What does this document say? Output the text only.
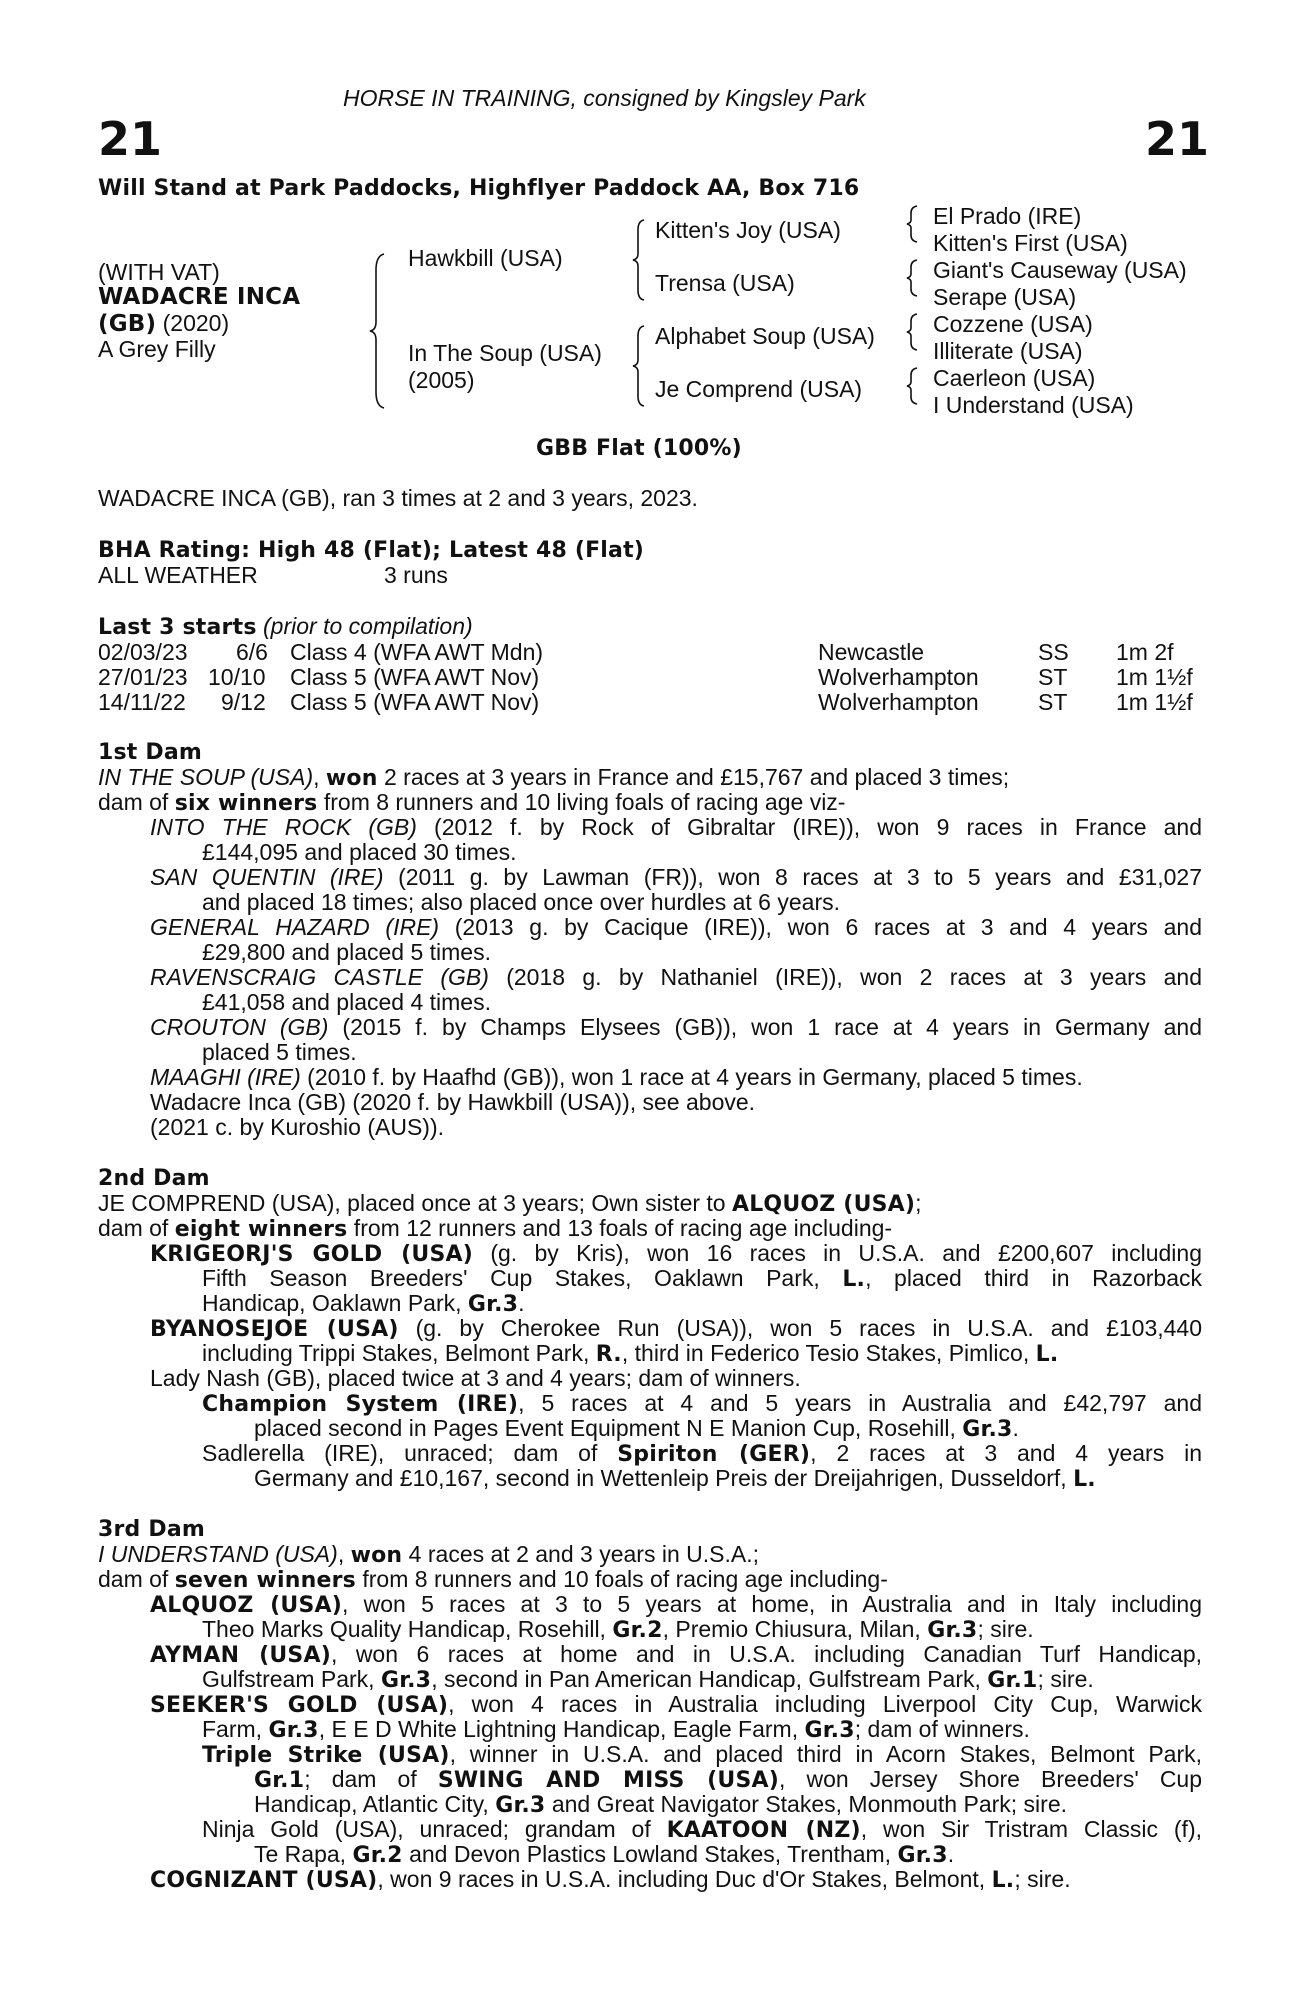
HORSE IN TRAINING, consigned by Kingsley Park
21	21
Will Stand at Park Paddocks, Highflyer Paddock AA, Box 716
(WITH VAT)
WADACRE INCA
(GB) (2020)
A Grey Filly
Hawkbill (USA)
In The Soup (USA)
(2005)
Kitten's Joy (USA)
Trensa (USA)
Alphabet Soup (USA)
Je Comprend (USA)
El Prado (IRE)
Kitten's First (USA)
Giant's Causeway (USA)
Serape (USA)
Cozzene (USA)
Illiterate (USA)
Caerleon (USA)
I Understand (USA)
GBB Flat (100%)
WADACRE INCA (GB), ran 3 times at 2 and 3 years, 2023.
BHA Rating: High 48 (Flat); Latest 48 (Flat)
ALL WEATHER	3 runs
Last 3 starts (prior to compilation)
02/03/23 6/6 Class 4 (WFA AWT Mdn)	Newcastle	SS 1m 2f
27/01/23 10/10 Class 5 (WFA AWT Nov)	Wolverhampton	ST 1m 1½f
14/11/22 9/12 Class 5 (WFA AWT Nov)	Wolverhampton	ST 1m 1½f
1st Dam
IN THE SOUP (USA), won 2 races at 3 years in France and £15,767 and placed 3 times;
dam of six winners from 8 runners and 10 living foals of racing age viz-
INTO THE ROCK (GB) (2012 f. by Rock of Gibraltar (IRE)), won 9 races in France and
£144,095 and placed 30 times.
SAN QUENTIN (IRE) (2011 g. by Lawman (FR)), won 8 races at 3 to 5 years and £31,027
and placed 18 times; also placed once over hurdles at 6 years.
GENERAL HAZARD (IRE) (2013 g. by Cacique (IRE)), won 6 races at 3 and 4 years and
£29,800 and placed 5 times.
RAVENSCRAIG CASTLE (GB) (2018 g. by Nathaniel (IRE)), won 2 races at 3 years and
£41,058 and placed 4 times.
CROUTON (GB) (2015 f. by Champs Elysees (GB)), won 1 race at 4 years in Germany and
placed 5 times.
MAAGHI (IRE) (2010 f. by Haafhd (GB)), won 1 race at 4 years in Germany, placed 5 times.
Wadacre Inca (GB) (2020 f. by Hawkbill (USA)), see above.
(2021 c. by Kuroshio (AUS)).
2nd Dam
JE COMPREND (USA), placed once at 3 years; Own sister to ALQUOZ (USA);
dam of eight winners from 12 runners and 13 foals of racing age including-
KRIGEORJ'S GOLD (USA) (g. by Kris), won 16 races in U.S.A. and £200,607 including
Fifth Season Breeders' Cup Stakes, Oaklawn Park, L., placed third in Razorback
Handicap, Oaklawn Park, Gr.3.
BYANOSEJOE (USA) (g. by Cherokee Run (USA)), won 5 races in U.S.A. and £103,440
including Trippi Stakes, Belmont Park, R., third in Federico Tesio Stakes, Pimlico, L.
Lady Nash (GB), placed twice at 3 and 4 years; dam of winners.
Champion System (IRE), 5 races at 4 and 5 years in Australia and £42,797 and
placed second in Pages Event Equipment N E Manion Cup, Rosehill, Gr.3.
Sadlerella (IRE), unraced; dam of Spiriton (GER), 2 races at 3 and 4 years in
Germany and £10,167, second in Wettenleip Preis der Dreijahrigen, Dusseldorf, L.
3rd Dam
I UNDERSTAND (USA), won 4 races at 2 and 3 years in U.S.A.;
dam of seven winners from 8 runners and 10 foals of racing age including-
ALQUOZ (USA), won 5 races at 3 to 5 years at home, in Australia and in Italy including
Theo Marks Quality Handicap, Rosehill, Gr.2, Premio Chiusura, Milan, Gr.3; sire.
AYMAN (USA), won 6 races at home and in U.S.A. including Canadian Turf Handicap,
Gulfstream Park, Gr.3, second in Pan American Handicap, Gulfstream Park, Gr.1; sire.
SEEKER'S GOLD (USA), won 4 races in Australia including Liverpool City Cup, Warwick
Farm, Gr.3, E E D White Lightning Handicap, Eagle Farm, Gr.3; dam of winners.
Triple Strike (USA), winner in U.S.A. and placed third in Acorn Stakes, Belmont Park,
Gr.1; dam of SWING AND MISS (USA), won Jersey Shore Breeders' Cup
Handicap, Atlantic City, Gr.3 and Great Navigator Stakes, Monmouth Park; sire.
Ninja Gold (USA), unraced; grandam of KAATOON (NZ), won Sir Tristram Classic (f),
Te Rapa, Gr.2 and Devon Plastics Lowland Stakes, Trentham, Gr.3.
COGNIZANT (USA), won 9 races in U.S.A. including Duc d'Or Stakes, Belmont, L.; sire.
